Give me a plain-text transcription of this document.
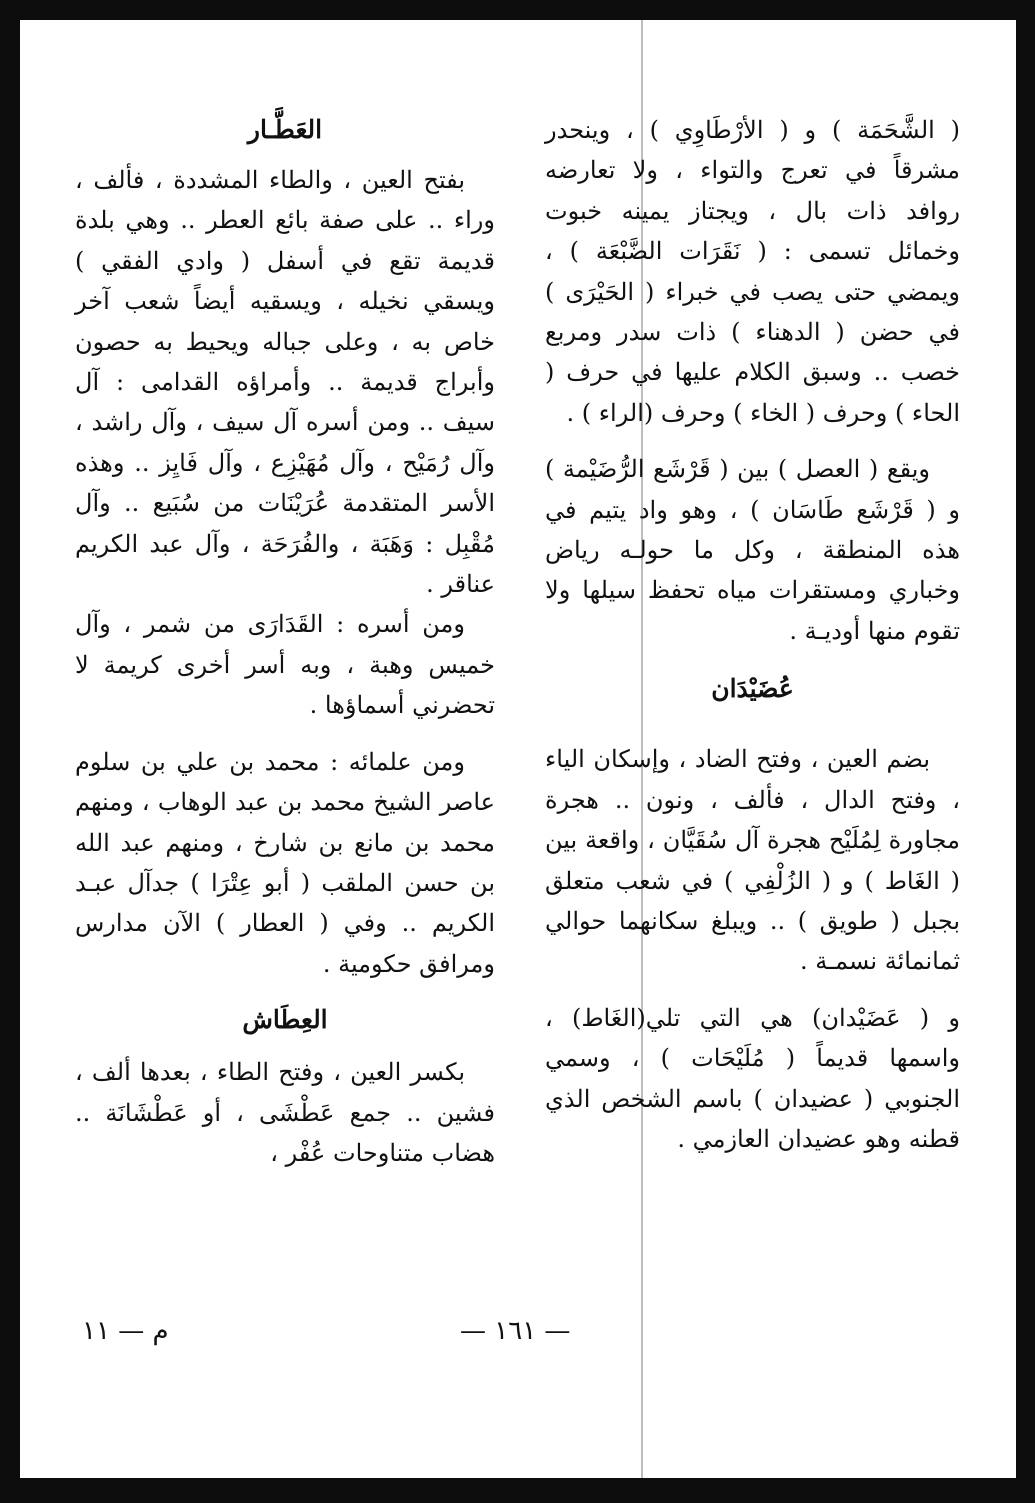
( الشَّحَمَة ) و ( الأرْطَاوِي ) ، وينحدر مشرقاً في تعرج والتواء ، ولا تعارضه روافد ذات بال ، ويجتاز يمينه خبوت وخمائل تسمى : ( نَقَرَات الضَّبْعَة ) ، ويمضي حتى يصب في خبراء ( الحَيْرَى ) في حضن ( الدهناء ) ذات سدر ومربع خصب .. وسبق الكلام عليها في حرف ( الحاء ) وحرف ( الخاء ) وحرف (الراء ) .

ويقع ( العصل ) بين ( قَرْشَع الرُّضَيْمة ) و ( قَرْشَع طَاسَان ) ، وهو واد يتيم في هذه المنطقة ، وكل ما حولـه رياض وخباري ومستقرات مياه تحفظ سيلها ولا تقوم منها أوديـة .

عُضَيْدَان

بضم العين ، وفتح الضاد ، وإسكان الياء ، وفتح الدال ، فألف ، ونون .. هجرة مجاورة لِمُلَيْح هجرة آل سُقَيَّان ، واقعة بين ( الغَاط ) و ( الزُلْفِي ) في شعب متعلق بجبل ( طويق ) .. ويبلغ سكانهما حوالي ثمانمائة نسمـة .

و ( عَضَيْدان) هي التي تلي(الغَاط) ، واسمها قديماً ( مُلَيْحَات ) ، وسمي الجنوبي ( عضيدان ) باسم الشخص الذي قطنه وهو عضيدان العازمي .

العَطَّـار

بفتح العين ، والطاء المشددة ، فألف ، وراء .. على صفة بائع العطر .. وهي بلدة قديمة تقع في أسفل ( وادي الفقي ) ويسقي نخيله ، ويسقيه أيضاً شعب آخر خاص به ، وعلى جباله ويحيط به حصون وأبراج قديمة .. وأمراؤه القدامى : آل سيف .. ومن أسره آل سيف ، وآل راشد ، وآل رُمَيْح ، وآل مُهَيْزِع ، وآل فَايِز .. وهذه الأسر المتقدمة عُرَيْنَات من سُبَيع .. وآل مُقْبِل : وَهَبَة ، والفُرَحَة ، وآل عبد الكريم عناقر .

ومن أسره : القَدَارَى من شمر ، وآل خميس وهبة ، وبه أسر أخرى كريمة لا تحضرني أسماؤها .

ومن علمائه : محمد بن علي بن سلوم عاصر الشيخ محمد بن عبد الوهاب ، ومنهم محمد بن مانع بن شارخ ، ومنهم عبد الله بن حسن الملقب ( أبو عِتْرَا ) جدآل عبـد الكريم .. وفي ( العطار ) الآن مدارس ومرافق حكومية .

العِطَاش

بكسر العين ، وفتح الطاء ، بعدها ألف ، فشين .. جمع عَطْشَى ، أو عَطْشَانَة .. هضاب متناوحات عُفْر ،

— ١٦١ —
م — ١١
